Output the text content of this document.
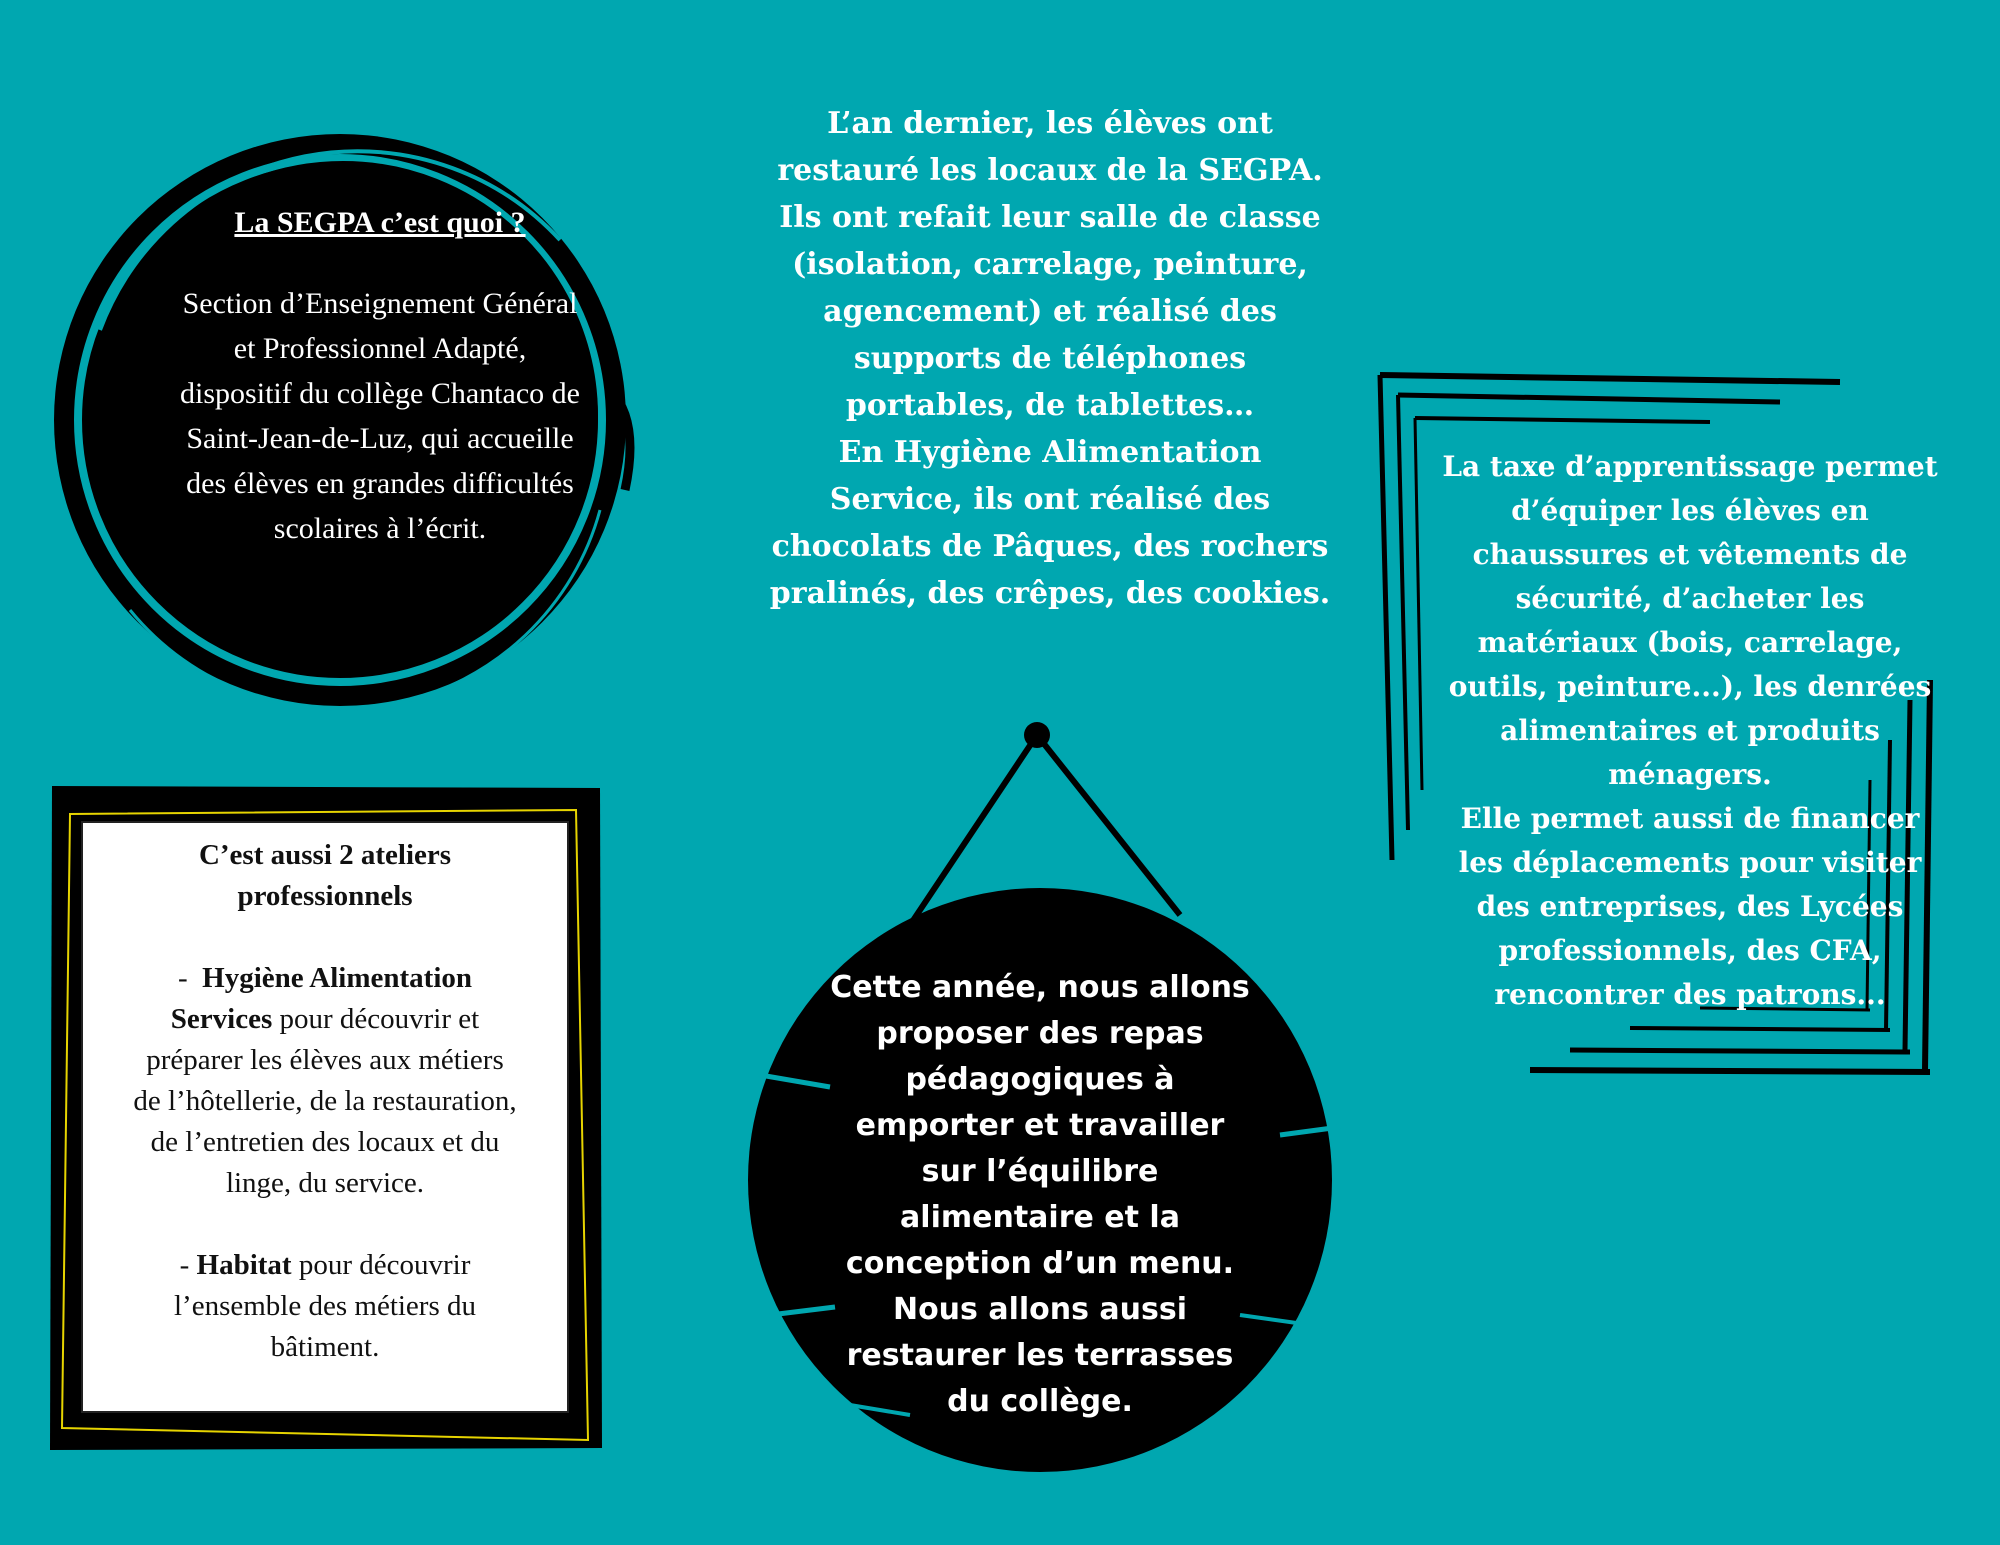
La SEGPA c’est quoi ?
Section d’Enseignement Général
et Professionnel Adapté,
dispositif du collège Chantaco de
Saint-Jean-de-Luz, qui accueille
des élèves en grandes difficultés
scolaires à l’écrit.
L’an dernier, les élèves ont
restauré les locaux de la SEGPA.
Ils ont refait leur salle de classe
(isolation, carrelage, peinture,
agencement) et réalisé des
supports de téléphones
portables, de tablettes…
En Hygiène Alimentation
Service, ils ont réalisé des
chocolats de Pâques, des rochers
pralinés, des crêpes, des cookies.
C’est aussi 2 ateliers
professionnels
-  Hygiène Alimentation
Services pour découvrir et
préparer les élèves aux métiers
de l’hôtellerie, de la restauration,
de l’entretien des locaux et du
linge, du service.
- Habitat pour découvrir
l’ensemble des métiers du
bâtiment.
Cette année, nous allons
proposer des repas
pédagogiques à
emporter et travailler
sur l’équilibre
alimentaire et la
conception d’un menu.
Nous allons aussi
restaurer les terrasses
du collège.
La taxe d’apprentissage permet
d’équiper les élèves en
chaussures et vêtements de
sécurité, d’acheter les
matériaux (bois, carrelage,
outils, peinture...), les denrées
alimentaires et produits
ménagers.
Elle permet aussi de financer
les déplacements pour visiter
des entreprises, des Lycées
professionnels, des CFA,
rencontrer des patrons...
